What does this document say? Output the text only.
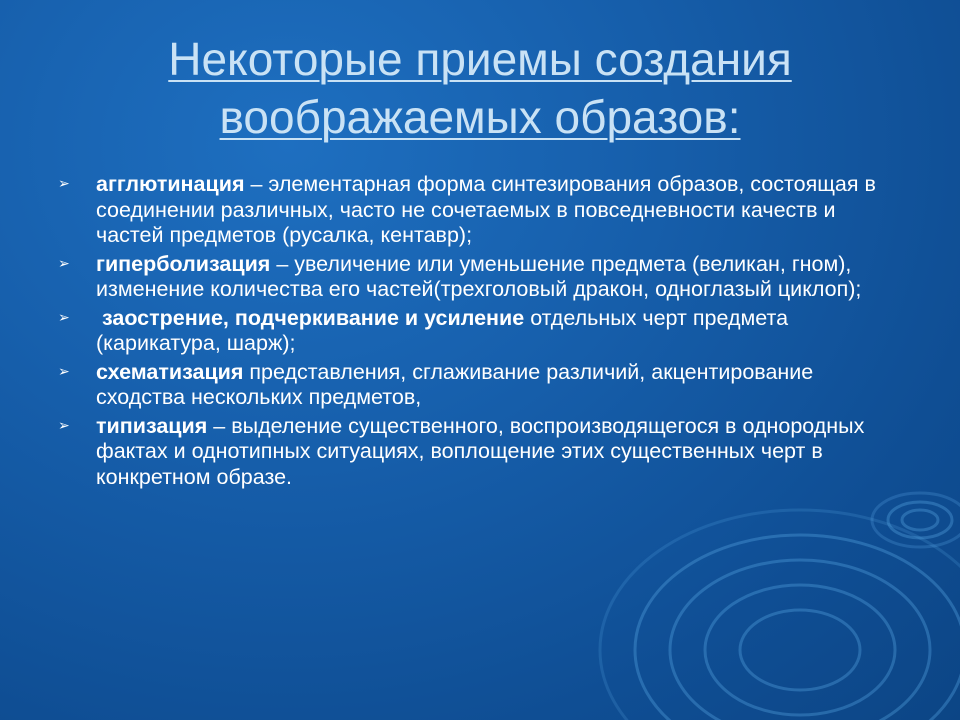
Некоторые приемы создания
воображаемых образов:
➢ агглютинация – элементарная форма синтезирования образов, состоящая в соединении различных, часто не сочетаемых в повседневности качеств и частей предметов (русалка, кентавр);
➢ гиперболизация – увеличение или уменьшение предмета (великан, гном), изменение количества его частей(трехголовый дракон, одноглазый циклоп);
➢ заострение, подчеркивание и усиление отдельных черт предмета (карикатура, шарж);
➢ схематизация представления, сглаживание различий, акцентирование сходства нескольких предметов,
➢ типизация – выделение существенного, воспроизводящегося в однородных фактах и однотипных ситуациях, воплощение этих существенных черт в конкретном образе.
